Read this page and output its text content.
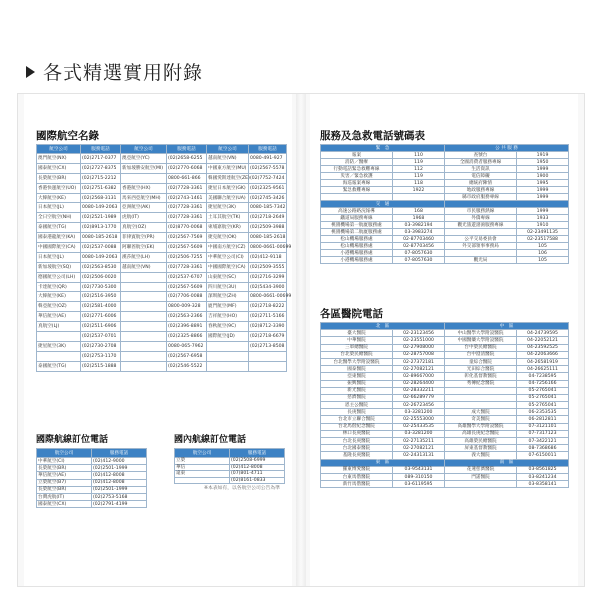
各式精選實用附錄
國際航空名錄
航空公司	服務電話	航空公司	服務電話	航空公司	服務電話
澳門航空(NX)	(02)2717-0377	澳亞航空(YC)	(02)2658-6255	越南航空(VN)	0080-491-927
國泰航空(CX)	(02)2727-8375	新加坡勝安航空(MI)	(02)2770-6068	中國東方航空(MU)	(02)2567-5578
長榮航空(BR)	(02)2715-2212		0800-661-866	韓國愛斯達航空(ZE)	(02)7752-7424
香港快運航空(UO)	(02)2751-6382	香港航空(HX)	(02)7728-3361	捷星日本航空(GK)	(02)2325-9561
大韓航空(KE)	(02)2568-3131	馬來西亞航空(MH)	(02)2743-1461	美國聯合航空(UA)	(02)2745-3426
日本航空(JL)	0080-149-2063	亞洲航空(AK)	(02)7728-3361	捷星航空(3K)	0080-185-7342
全日空航空(NH)	(02)2521-1989	虎航(IT)	(02)7728-3361	土耳其航空(TK)	(02)2718-2649
泰國航空(TG)	(02)8913-1770	真航空(OZ)	(02)8770-0068	柬埔寨航空(KR)	(02)2509-3988
國泰港龍航空(KA)	0080-185-2618	菲律賓航空(PR)	(02)2567-7569	捷克航空(OK)	0080-185-2618
中國國際航空(CA)	(02)2537-0088	阿聯酋航空(EK)	(02)2567-5609	中國南方航空(CZ)	0800-0661-00699
日本航空(JL)	0080-149-2063	漢莎航空(LH)	(02)2506-7255	中華航空公司(CI)	(02)412-9118
新加坡航空(SQ)	(02)2563-8530	越南航空(VN)	(02)7728-3361	中國國際航空(CA)	(02)2509-3555
德國航空公司(LH)	(02)2506-0020		(02)2537-6707	山東航空(SC)	(02)2716-3299
卡達航空(QR)	(02)7730-5300		(02)2567-5609	四川航空(3U)	(02)5434-3900
大韓航空(KE)	(02)2516-3950		(02)7706-0088	深圳航空(ZH)	0800-0661-00699
韓亞航空(OZ)	(02)2581-4000		0800-009-328	廈門航空(MF)	(02)2718-8222
華信航空(AE)	(02)2771-6006		(02)2563-2366	吉祥航空(HO)	(02)2711-5166
真航空(LJ)	(02)2511-6906		(02)2396-8891	春秋航空(9C)	(02)8712-3390
	(02)2537-0701		(02)2325-8866	國際航空(JD)	(02)2718-6679
捷星航空(3K)	(02)2730-2708		0080-065-7962		(02)2713-8508
	(02)2753-1170		(02)2567-6958		
泰國航空(TG)	(02)2515-1888		(02)2546-5522		
國際航線訂位電話
航空公司	服務電話
中華航空(CI)	(02)412-9000
長榮航空(BR)	(02)2501-1999
華信航空(AE)	(02)412-8008
立榮航空(B7)	(02)412-8008
長榮航空(BR)	(02)2501-1999
台灣虎航(IT)	(02)2753-5168
國泰航空(CX)	(02)2791-4199
國內航線訂位電話
航空公司	服務電話
立榮	(02)2508-6999
華信	(02)412-8008
遠東	(07)801-4711
	(02)8161-0833
※本表如有，以各航空公司公告為準
服務及急救電話號碼表
緊　急		公 共 服 務	
報案	110	查號台	1919
消防／醫療	119	全國消費者服務專線	1950
行動電話緊急救難專線	112	生活資訊	1999
災害／緊急救護	119	電信障礙	1900
海巡報案專線	118	總統府陳情	1995
緊急救難專線	1922	地政服務專線	1999
		縣市政府服務專線	1999
交　通			
高速公路路況報導	168	市民服務熱線	1999
鐵道局服務專線	1968	外僑專線	1933
桃園機場第一航廈服務處	03-3982194	觀光旅遊諮詢服務專線	1910
桃園機場第二航廈服務處	03-3983274		02-23491135
松山機場服務處	02-87703460	公平交易委員會	02-23517588
松山機場服務處	02-87703456	外交部領事事務局	105
小港機場服務處	07-8057630		106
小港機場服務處	07-8057630	觀光局	105
各區醫院電話
北　區		中　區	
臺大醫院	02-23123456	中山醫學大學附設醫院	04-24739595
中華醫院	02-23551000	中國醫藥大學附設醫院	04-22052121
三軍總醫院	02-27908000	台中榮民總醫院	04-23592525
台北榮民總醫院	02-28757008	台中澄清醫院	04-22063666
台北醫學大學附設醫院	02-27372181	童綜合醫院	04-26581919
國泰醫院	02-27082121	光田綜合醫院	04-26625111
亞東醫院	02-89667000	彰化基督教醫院	04-7238595
振興醫院	02-28264400	秀傳紀念醫院	04-7256166
新光醫院	02-28332211		05-2765041
慈濟醫院	02-66289779		05-2765041
恩主公醫院	02-26723456		05-2765041
長庚醫院	03-3281200	成大醫院	06-2353535
台北市立聯合醫院	02-25553000	奇美醫院	06-2812811
台北馬偕紀念醫院	02-25433535	高雄醫學大學附設醫院	07-3121101
林口長庚醫院	03-3281200	高雄長庚紀念醫院	07-7317123
台北長庚醫院	02-27135211	高雄榮民總醫院	07-3422121
台北國泰醫院	02-27082121	屏東基督教醫院	08-7368686
基隆長庚醫院	02-24313131	義大醫院	07-6150011
東　區		南　區	
羅東博愛醫院	03-9543131	花蓮慈濟醫院	03-8561825
台東馬偕醫院	089-310150	門諾醫院	03-8241234
新竹馬偕醫院	03-6119595		03-8358141
